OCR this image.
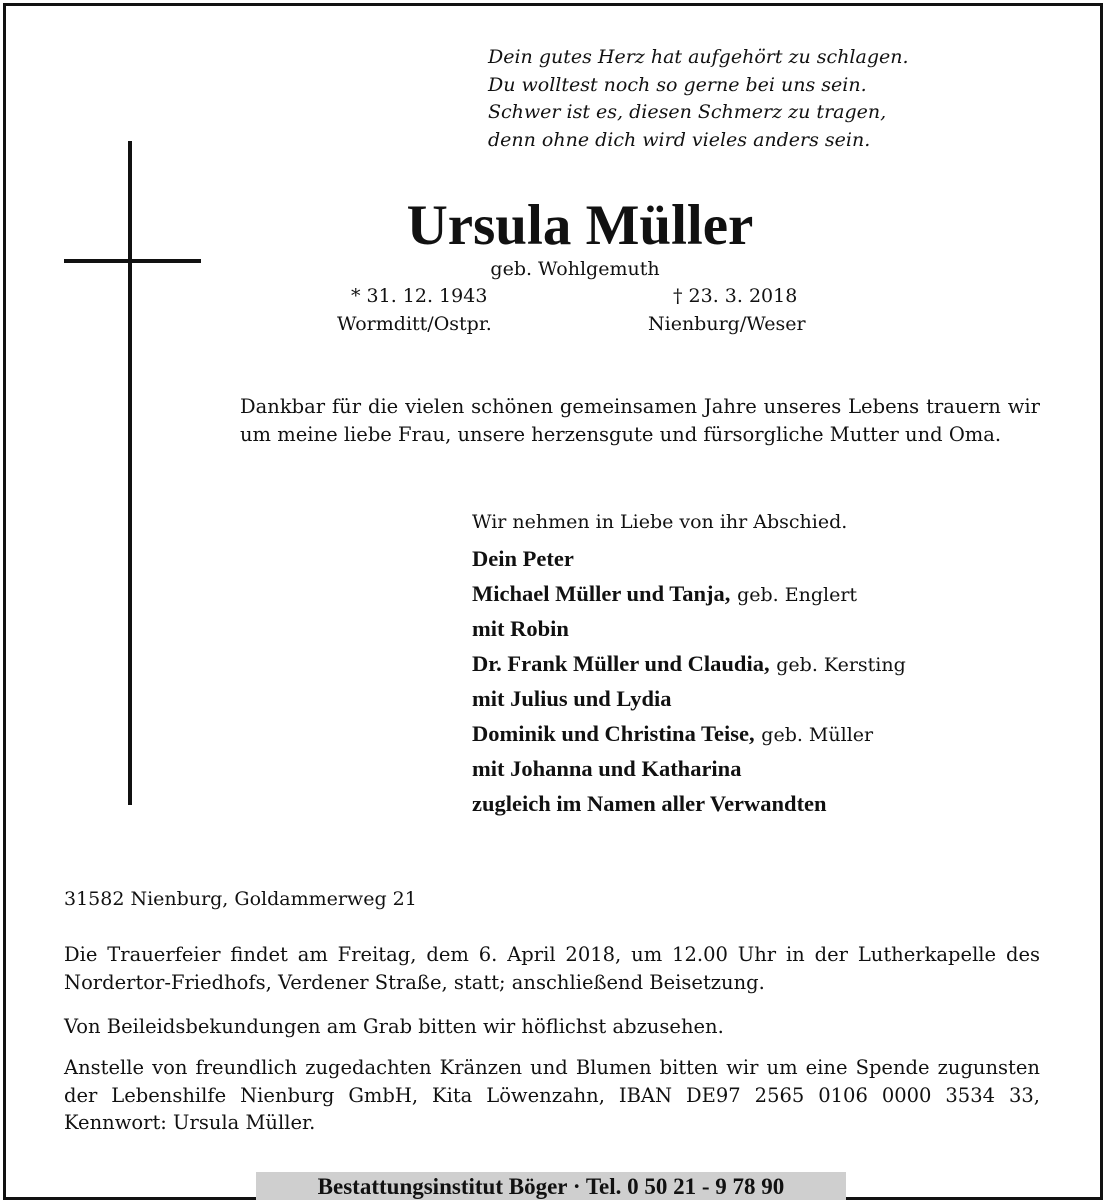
Dein gutes Herz hat aufgehört zu schlagen.
Du wolltest noch so gerne bei uns sein.
Schwer ist es, diesen Schmerz zu tragen,
denn ohne dich wird vieles anders sein.
Ursula Müller
geb. Wohlgemuth
* 31. 12. 1943
Wormditt/Ostpr.
† 23. 3. 2018
Nienburg/Weser
Dankbar für die vielen schönen gemeinsamen Jahre unseres Lebens trauern wir um meine liebe Frau, unsere herzensgute und fürsorgliche Mutter und Oma.
Wir nehmen in Liebe von ihr Abschied.
Dein Peter
Michael Müller und Tanja, geb. Englert
mit Robin
Dr. Frank Müller und Claudia, geb. Kersting
mit Julius und Lydia
Dominik und Christina Teise, geb. Müller
mit Johanna und Katharina
zugleich im Namen aller Verwandten
31582 Nienburg, Goldammerweg 21
Die Trauerfeier findet am Freitag, dem 6. April 2018, um 12.00 Uhr in der Lutherkapelle des Nordertor-Friedhofs, Verdener Straße, statt; anschließend Beisetzung.
Von Beileidsbekundungen am Grab bitten wir höflichst abzusehen.
Anstelle von freundlich zugedachten Kränzen und Blumen bitten wir um eine Spende zugunsten der Lebenshilfe Nienburg GmbH, Kita Löwenzahn, IBAN DE97 2565 0106 0000 3534 33, Kennwort: Ursula Müller.
Bestattungsinstitut Böger · Tel. 0 50 21 - 9 78 90
